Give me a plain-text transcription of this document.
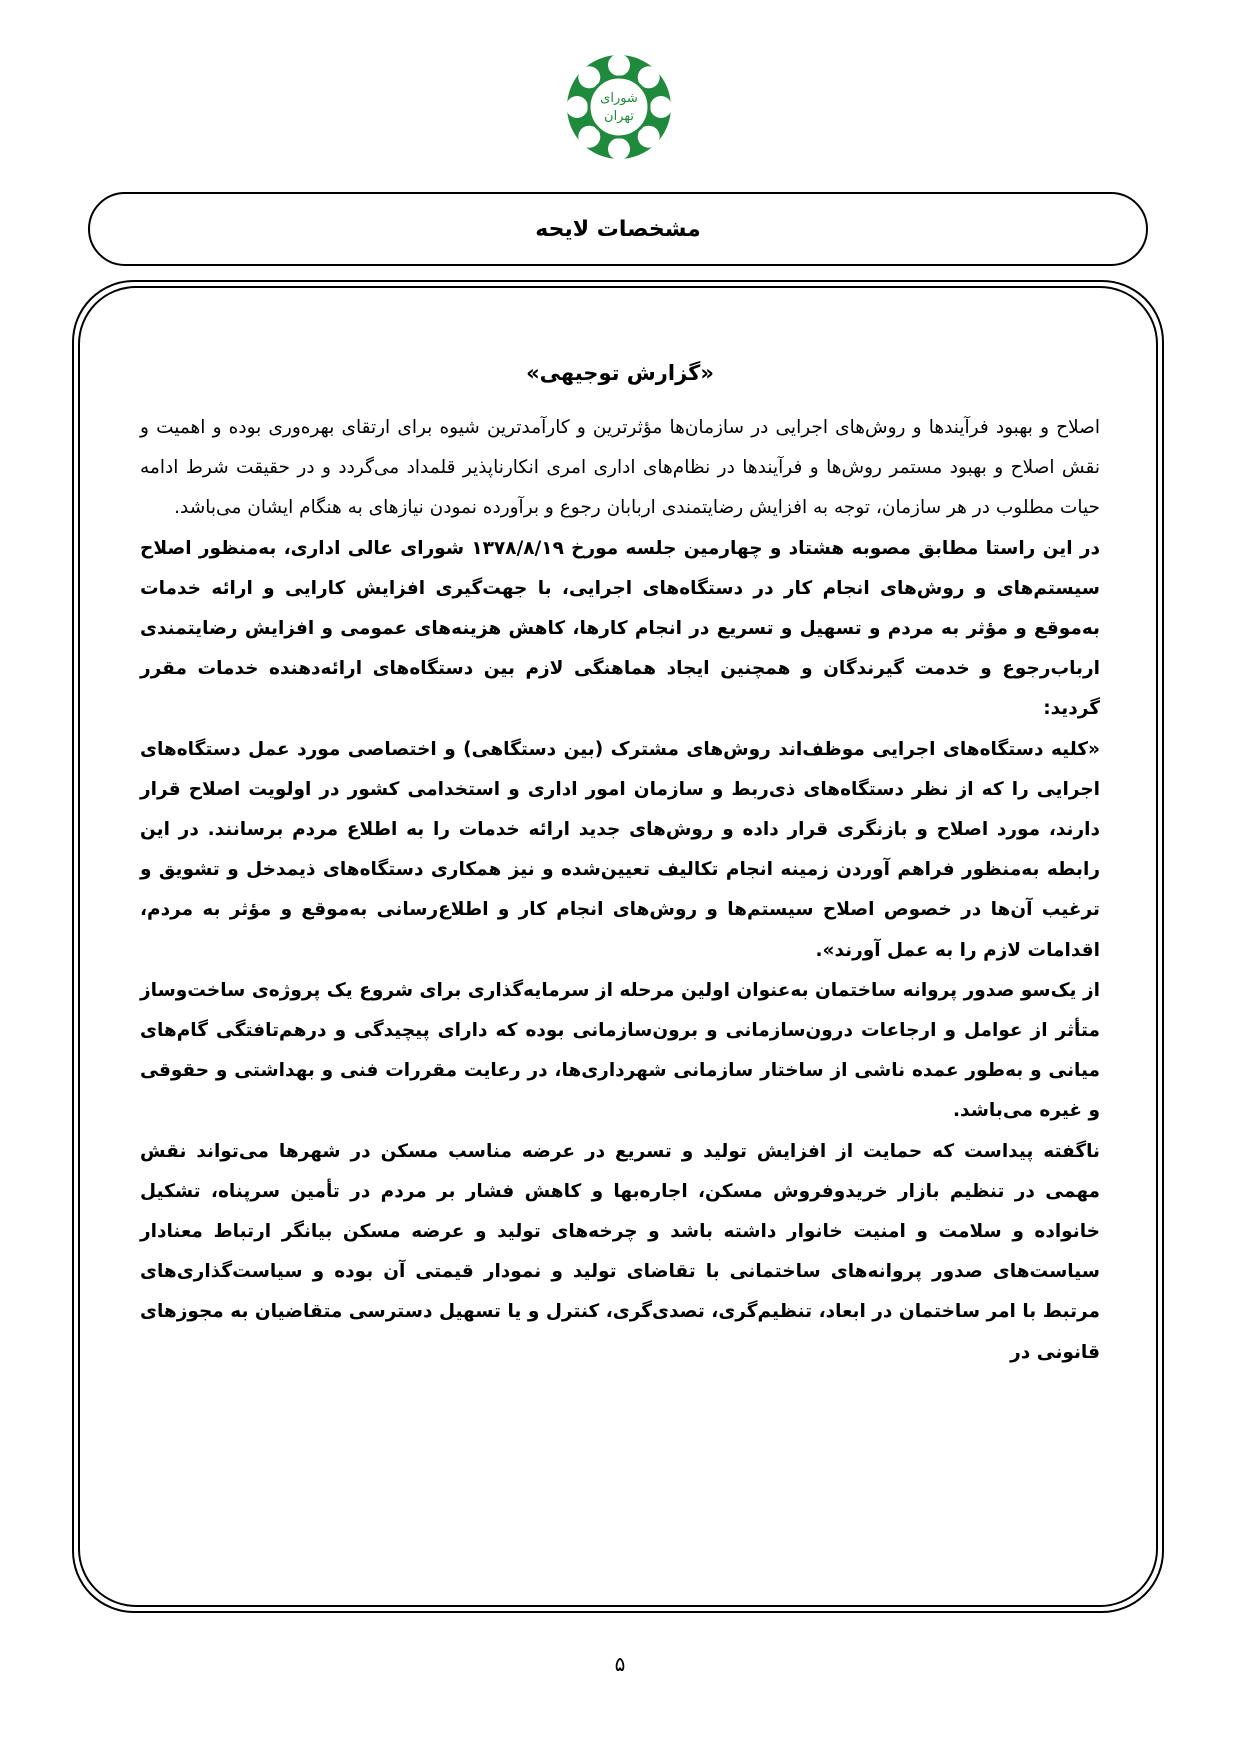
شورای
تهران
مشخصات لایحه
«گزارش توجیهی»

اصلاح و بهبود فرآیندها و روش‌های اجرایی در سازمان‌ها مؤثرترین و کارآمدترین شیوه برای ارتقای بهره‌وری بوده و اهمیت و نقش اصلاح و بهبود مستمر روش‌ها و فرآیندها در نظام‌های اداری امری انکارناپذیر قلمداد می‌گردد و در حقیقت شرط ادامه حیات مطلوب در هر سازمان، توجه به افزایش رضایتمندی اربابان رجوع و برآورده نمودن نیازهای به هنگام ایشان می‌باشد.

در این راستا مطابق مصوبه هشتاد و چهارمین جلسه مورخ ۱۳۷۸/۸/۱۹ شورای عالی اداری، به‌منظور اصلاح سیستم‌های و روش‌های انجام کار در دستگاه‌های اجرایی، با جهت‌گیری افزایش کارایی و ارائه خدمات به‌موقع و مؤثر به مردم و تسهیل و تسریع در انجام کارها، کاهش هزینه‌های عمومی و افزایش رضایتمندی ارباب‌رجوع و خدمت گیرندگان و همچنین ایجاد هماهنگی لازم بین دستگاه‌های ارائه‌دهنده خدمات مقرر گردید:

«کلیه دستگاه‌های اجرایی موظف‌اند روش‌های مشترک (بین دستگاهی) و اختصاصی مورد عمل دستگاه‌های اجرایی را که از نظر دستگاه‌های ذی‌ربط و سازمان امور اداری و استخدامی کشور در اولویت اصلاح قرار دارند، مورد اصلاح و بازنگری قرار داده و روش‌های جدید ارائه خدمات را به اطلاع مردم برسانند. در این رابطه به‌منظور فراهم آوردن زمینه انجام تکالیف تعیین‌شده و نیز همکاری دستگاه‌های ذیمدخل و تشویق و ترغیب آن‌ها در خصوص اصلاح سیستم‌ها و روش‌های انجام کار و اطلاع‌رسانی به‌موقع و مؤثر به مردم، اقدامات لازم را به عمل آورند».

از یک‌سو صدور پروانه ساختمان به‌عنوان اولین مرحله از سرمایه‌گذاری برای شروع یک پروژه‌ی ساخت‌وساز متأثر از عوامل و ارجاعات درون‌سازمانی و برون‌سازمانی بوده که دارای پیچیدگی و درهم‌تافتگی گام‌های میانی و به‌طور عمده ناشی از ساختار سازمانی شهرداری‌ها، در رعایت مقررات فنی و بهداشتی و حقوقی و غیره می‌باشد.

ناگفته پیداست که حمایت از افزایش تولید و تسریع در عرضه مناسب مسکن در شهرها می‌تواند نقش مهمی در تنظیم بازار خریدوفروش مسکن، اجاره‌بها و کاهش فشار بر مردم در تأمین سرپناه، تشکیل خانواده و سلامت و امنیت خانوار داشته باشد و چرخه‌های تولید و عرضه مسکن بیانگر ارتباط معنادار سیاست‌های صدور پروانه‌های ساختمانی با تقاضای تولید و نمودار قیمتی آن بوده و سیاست‌گذاری‌های مرتبط با امر ساختمان در ابعاد، تنظیم‌گری، تصدی‌گری، کنترل و یا تسهیل دسترسی متقاضیان به مجوزهای قانونی در

۵
